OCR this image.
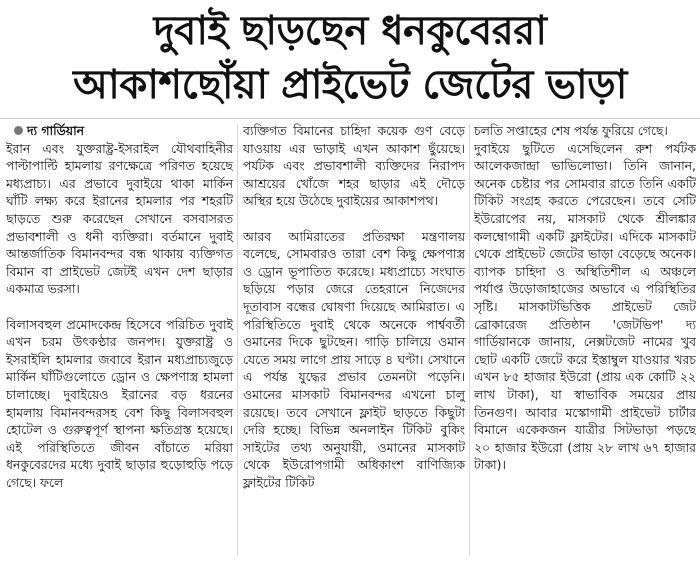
দুবাই ছাড়ছেন ধনকুবেররা
আকাশছোঁয়া প্রাইভেট জেটের ভাড়া
দ্য গার্ডিয়ান

ইরান এবং যুক্তরাষ্ট্র-ইসরাইল যৌথবাহিনীর পাল্টাপাল্টি হামলায় রণক্ষেত্রে পরিণত হয়েছে মধ্যপ্রাচ্য। এর প্রভাবে দুবাইয়ে থাকা মার্কিন ঘাঁটি লক্ষ্য করে ইরানের হামলার পর শহরটি ছাড়তে শুরু করেছেন সেখানে বসবাসরত প্রভাবশালী ও ধনী ব্যক্তিরা। বর্তমানে দুবাই আন্তর্জাতিক বিমানবন্দর বন্ধ থাকায় ব্যক্তিগত বিমান বা প্রাইভেট জেটই এখন দেশ ছাড়ার একমাত্র ভরসা।

বিলাসবহুল প্রমোদকেন্দ্র হিসেবে পরিচিত দুবাই এখন চরম উৎকণ্ঠার জনপদ। যুক্তরাষ্ট্র ও ইসরাইলি হামলার জবাবে ইরান মধ্যপ্রাচ্যজুড়ে মার্কিন ঘাঁটিগুলোতে ড্রোন ও ক্ষেপণাস্ত্র হামলা চালাচ্ছে। দুবাইয়েও ইরানের বড় ধরনের হামলায় বিমানবন্দরসহ বেশ কিছু বিলাসবহুল হোটেল ও গুরুত্বপূর্ণ স্থাপনা ক্ষতিগ্রস্ত হয়েছে। এই পরিস্থিতিতে জীবন বাঁচাতে মরিয়া ধনকুবেরদের মধ্যে দুবাই ছাড়ার হুড়োহুড়ি পড়ে গেছে। ফলে

ব্যক্তিগত বিমানের চাহিদা কয়েক গুণ বেড়ে যাওয়ায় এর ভাড়াই এখন আকাশ ছুঁয়েছে। পর্যটক এবং প্রভাবশালী ব্যক্তিদের নিরাপদ আশ্রয়ের খোঁজে শহর ছাড়ার এই দৌড়ে অস্থির হয়ে উঠেছে দুবাইয়ের আকাশপথ।

আরব আমিরাতের প্রতিরক্ষা মন্ত্রণালয় বলেছে, সোমবারও তারা বেশ কিছু ক্ষেপণাস্ত্র ও ড্রোন ভূপাতিত করেছে। মধ্যপ্রাচ্যে সংঘাত ছড়িয়ে পড়ার জেরে তেহরানে নিজেদের দূতাবাস বন্ধের ঘোষণা দিয়েছে আমিরাত। এ পরিস্থিতিতে দুবাই থেকে অনেকে পার্শ্ববর্তী ওমানের দিকে ছুটছেন। গাড়ি চালিয়ে ওমান যেতে সময় লাগে প্রায় সাড়ে ৪ ঘণ্টা। সেখানে এ পর্যন্ত যুদ্ধের প্রভাব তেমনটা পড়েনি। ওমানের মাসকাট বিমানবন্দর এখনো চালু রয়েছে। তবে সেখানে ফ্লাইট ছাড়তে কিছুটা দেরি হচ্ছে। বিভিন্ন অনলাইন টিকিট বুকিং সাইটের তথ্য অনুযায়ী, ওমানের মাসকাট থেকে ইউরোপগামী অধিকাংশ বাণিজ্যিক ফ্লাইটের টিকিট

চলতি সপ্তাহের শেষ পর্যন্ত ফুরিয়ে গেছে।

দুবাইয়ে ছুটিতে এসেছিলেন রুশ পর্যটক আলেকজান্দ্রা ভাভিলোভা। তিনি জানান, অনেক চেষ্টার পর সোমবার রাতে তিনি একটি টিকিট সংগ্রহ করতে পেরেছেন। তবে সেটি ইউরোপের নয়, মাসকাট থেকে শ্রীলঙ্কার কলম্বোগামী একটি ফ্লাইটের। এদিকে মাসকাট থেকে প্রাইভেট জেটের ভাড়া বেড়েছে অনেক। ব্যাপক চাহিদা ও অস্থিতিশীল এ অঞ্চলে পর্যাপ্ত উড়োজাহাজের অভাবে এ পরিস্থিতির সৃষ্টি। মাসকাটভিত্তিক প্রাইভেট জেট ব্রোকারেজ প্রতিষ্ঠান 'জেটভিপ' দ্য গার্ডিয়ানকে জানায়, নেক্সটজেট নামের খুব ছোট একটি জেটে করে ইস্তাম্বুল যাওয়ার খরচ এখন ৮৫ হাজার ইউরো (প্রায় এক কোটি ২২ লাখ টাকা), যা স্বাভাবিক সময়ের প্রায় তিনগুণ। আবার মস্কোগামী প্রাইভেট চার্টার বিমানে একেকজন যাত্রীর সিটভাড়া পড়ছে ২০ হাজার ইউরো (প্রায় ২৮ লাখ ৬৭ হাজার টাকা)।
